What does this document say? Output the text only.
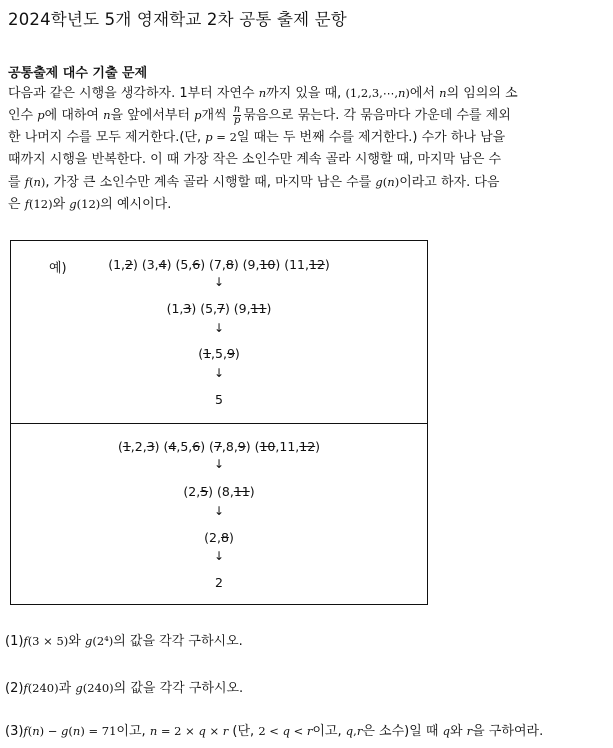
2024학년도 5개 영재학교 2차 공통 출제 문항
공통출제 대수 기출 문제
다음과 같은 시행을 생각하자. 1부터 자연수 n까지 있을 때, (1,2,3,⋯,n)에서 n의 임의의 소
인수 p에 대하여 n을 앞에서부터 p개씩 $\frac{n}{p}$ 묶음으로 묶는다. 각 묶음마다 가운데 수를 제외
한 나머지 수를 모두 제거한다.(단, p = 2일 때는 두 번째 수를 제거한다.) 수가 하나 남을
때까지 시행을 반복한다. 이 때 가장 작은 소인수만 계속 골라 시행할 때, 마지막 남은 수
를 f(n), 가장 큰 소인수만 계속 골라 시행할 때, 마지막 남은 수를 g(n)이라고 하자. 다음
은 f(12)와 g(12)의 예시이다.
예)	(1,2) (3,4) (5,6) (7,8) (9,10) (11,12)
↓
(1,3) (5,7) (9,11)
↓
(1,5,9)
↓
5
(1,2,3) (4,5,6) (7,8,9) (10,11,12)
↓
(2,5) (8,11)
↓
(2,8)
↓
2
(1)f(3 × 5)와 g(2⁴)의 값을 각각 구하시오.
(2)f(240)과 g(240)의 값을 각각 구하시오.
(3)f(n) − g(n) = 71이고, n = 2 × q × r (단, 2 < q < r이고, q,r은 소수)일 때 q와 r을 구하여라.
